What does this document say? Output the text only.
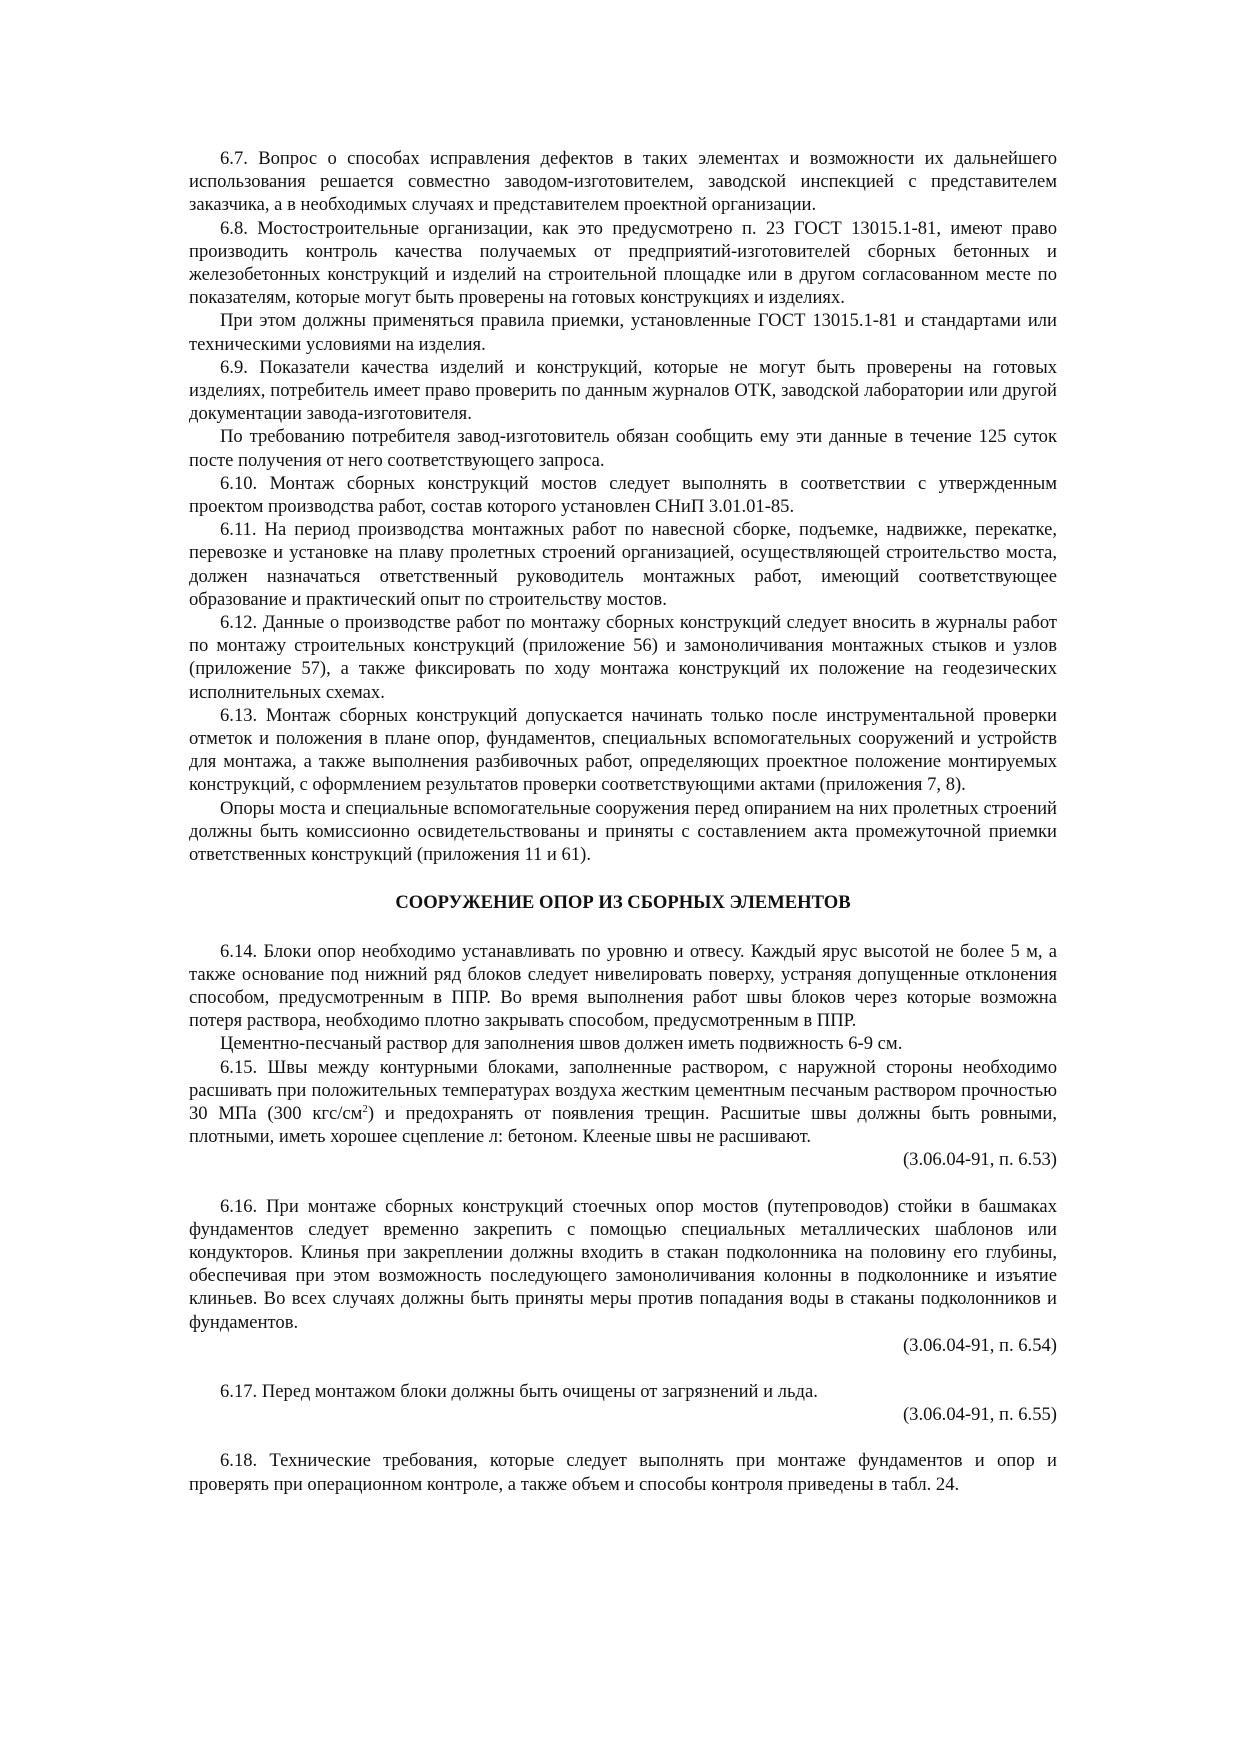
6.7. Вопрос о способах исправления дефектов в таких элементах и возможности их дальнейшего использования решается совместно заводом-изготовителем, заводской инспекцией с представителем заказчика, а в необходимых случаях и представителем проектной организации.

6.8. Мостостроительные организации, как это предусмотрено п. 23 ГОСТ 13015.1-81, имеют право производить контроль качества получаемых от предприятий-изготовителей сборных бетонных и железобетонных конструкций и изделий на строительной площадке или в другом согласованном месте по показателям, которые могут быть проверены на готовых конструкциях и изделиях.

При этом должны применяться правила приемки, установленные ГОСТ 13015.1-81 и стандартами или техническими условиями на изделия.

6.9. Показатели качества изделий и конструкций, которые не могут быть проверены на готовых изделиях, потребитель имеет право проверить по данным журналов ОТК, заводской лаборатории или другой документации завода-изготовителя.

По требованию потребителя завод-изготовитель обязан сообщить ему эти данные в течение 125 суток посте получения от него соответствующего запроса.

6.10. Монтаж сборных конструкций мостов следует выполнять в соответствии с утвержденным проектом производства работ, состав которого установлен СНиП 3.01.01-85.

6.11. На период производства монтажных работ по навесной сборке, подъемке, надвижке, перекатке, перевозке и установке на плаву пролетных строений организацией, осуществляющей строительство моста, должен назначаться ответственный руководитель монтажных работ, имеющий соответствующее образование и практический опыт по строительству мостов.

6.12. Данные о производстве работ по монтажу сборных конструкций следует вносить в журналы работ по монтажу строительных конструкций (приложение 56) и замоноличивания монтажных стыков и узлов (приложение 57), а также фиксировать по ходу монтажа конструкций их положение на геодезических исполнительных схемах.

6.13. Монтаж сборных конструкций допускается начинать только после инструментальной проверки отметок и положения в плане опор, фундаментов, специальных вспомогательных сооружений и устройств для монтажа, а также выполнения разбивочных работ, определяющих проектное положение монтируемых конструкций, с оформлением результатов проверки соответствующими актами (приложения 7, 8).

Опоры моста и специальные вспомогательные сооружения перед опиранием на них пролетных строений должны быть комиссионно освидетельствованы и приняты с составлением акта промежуточной приемки ответственных конструкций (приложения 11 и 61).

СООРУЖЕНИЕ ОПОР ИЗ СБОРНЫХ ЭЛЕМЕНТОВ

6.14. Блоки опор необходимо устанавливать по уровню и отвесу. Каждый ярус высотой не более 5 м, а также основание под нижний ряд блоков следует нивелировать поверху, устраняя допущенные отклонения способом, предусмотренным в ППР. Во время выполнения работ швы блоков через которые возможна потеря раствора, необходимо плотно закрывать способом, предусмотренным в ППР.

Цементно-песчаный раствор для заполнения швов должен иметь подвижность 6-9 см.

6.15. Швы между контурными блоками, заполненные раствором, с наружной стороны необходимо расшивать при положительных температурах воздуха жестким цементным песчаным раствором прочностью 30 МПа (300 кгс/$см^2$) и предохранять от появления трещин. Расшитые швы должны быть ровными, плотными, иметь хорошее сцепление л: бетоном. Клееные швы не расшивают.

(3.06.04-91, п. 6.53)

6.16. При монтаже сборных конструкций стоечных опор мостов (путепроводов) стойки в башмаках фундаментов следует временно закрепить с помощью специальных металлических шаблонов или кондукторов. Клинья при закреплении должны входить в стакан подколонника на половину его глубины, обеспечивая при этом возможность последующего замоноличивания колонны в подколоннике и изъятие клиньев. Во всех случаях должны быть приняты меры против попадания воды в стаканы подколонников и фундаментов.

(3.06.04-91, п. 6.54)

6.17. Перед монтажом блоки должны быть очищены от загрязнений и льда.

(3.06.04-91, п. 6.55)

6.18. Технические требования, которые следует выполнять при монтаже фундаментов и опор и проверять при операционном контроле, а также объем и способы контроля приведены в табл. 24.
